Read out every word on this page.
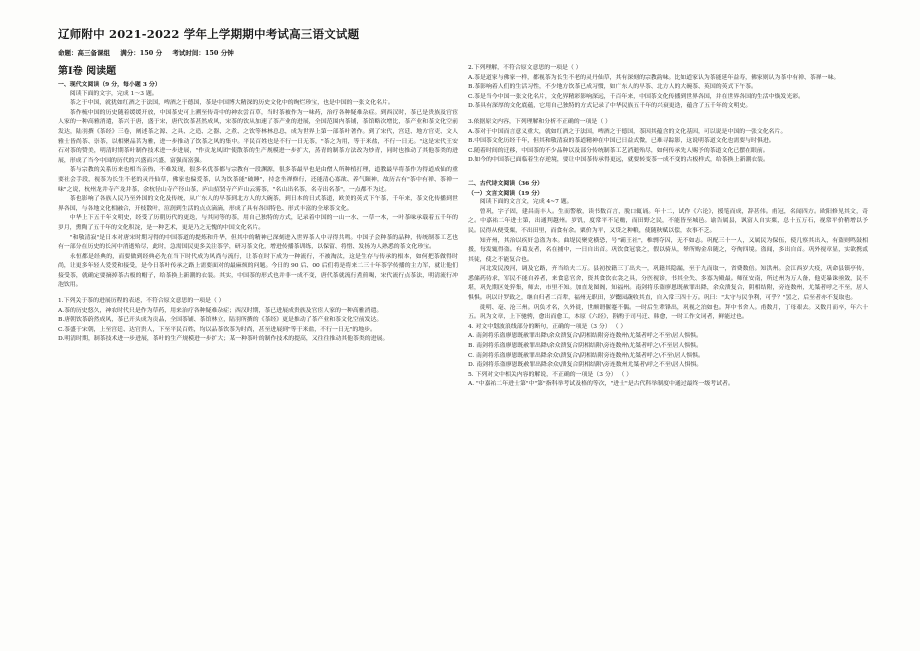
辽师附中 2021-2022 学年上学期期中考试高三语文试题
命题：高三备课组 满分：150 分 考试时间：150 分钟
第Ⅰ卷 阅读题
一、现代文阅读（9 分，每小题 3 分）

阅读下面的文字，完成 1～3 题。

茶之于中国，就犹如红酒之于法国，啤酒之于德国，茶是中国博大精深的历史文化中的绚烂珍宝，也是中国的一张文化名片。

茶作梳中国的历史随着缓缓开放，中国茶史可上溯至传奇中的神农尝百草，当时茶被作为一味药，治疗各种疑难杂症。到西汉时，茶已是贵族及官宦人家的一种高雅消遣，茶兴于唐，盛于宋，唐代饮茶甚然成风，宋茶的饮从加速了茶产业的进展，全国范围内茶铺，茶馆略次增比，茶产业和茶文化空前发达，陆羽撰《茶经》三卷，阐述茶之源、之具、之造、之器、之煮、之饮等林林总总，成为世界上第一部茶叶著作。到了宋代，宫廷、地方官吏、文人雅士皆尚茶、崇茶，以相聚品茗为雅，进一步推动了饮茶之风的集中。平民百姓也是不行一日无茶，"茶之为用，等于米盐，不行一日无。"这是宋代王安石对茶的赞美，明清时期茶叶制作技术进一步进展，"作贡龙凤团"使散茶的生产规模进一步扩大，蒸青的制茶方法改为炒青，同时也推动了其他茶类的进展，形成了当今中国的历代的兴盛而兴盛，富强而富强。

茶与宗教的关系历来也相当亲热，不难发现，很多名优茶都与宗教有一段渊源，很多茶最早也是由僧人所种植打理，道教最早将茶作为得道成仙的重要社会手段，视茶为长生不老的灵丹仙草，佛家也偏爱茶，认为饮茶能"破睡"，持念坐禅修行，还能清心寡欲、养气颐神，故历古有"茶中有禅、茶禅一味"之说，杭州龙井寺产龙井茶，余杭径山寺产径山茶，庐山招贤寺产庐山云雾茶，"名山出名茶，名寺出名茶"，一点都不为过。

茶也影响了各族人民乃至外国的文化及传统，从广东人的早茶到北方人的大碗茶，到日本的日式茶道，欧美的英式下午茶，千年来，茶文化传播到世界各国，与各地文化相融合，开枝散叶，渲润到生活的点点滴滴，形成了具有各国特色、形式丰富的全球茶文化。

中华上下五千年文明史，经受了历朝历代的更迭，与其同等的茶，用自己独特的方式，记录着中国的一山一水、一草一木，一叶茶味承载着五千年的岁月，熏陶了五千年的文化积淀，是一种艺术，更是乃之无愧的中国文化名片。

"和敬清寂"是日本对唐宋时期习得的中国茶道的提炼和升华，但其中的精神已深刻进入世界茶人中寻得共鸣。中国子会种茶的品种，传统制茶工艺也有一部分在历史的长河中消逝殆尽，此时，急需国民更多关注茶学，研习茶文化，增进传播茶训练，以保留、将惜、发扬为人熟悉的茶文化珍宝。

永恒都是经典的，而要做到经典必先在当下时代成为风尚与流行，让茶在时下成为一种流行，不被淘汰，这是生存与传承的根本，如何把茶做得时尚，让更多年轻人爱爱和接受，是今日茶叶传承之路上需要面对的最麻烦的问题。今日的 90 后、00 后们将是将来二三十年茶学传播的主力军，就让他们接受茶，就确定要摘掉茶古板的帽子，给茶换上新潮的衣装。其实，中国茶的形式也并非一成不变，唐代茶就流行煮煎喝，宋代流行点茶法，明清流行冲泡饮用。

1.下列关于茶的进展历程的表述，不符合原文意思的一项是（ ）

A.茶的历史悠久，神农时代只是作为草药，用来治疗各种疑难杂症；西汉时期，茶已进展成贵族及官宦人家的一种高雅消遣。

B.唐朝饮茶蔚然成风，茶已开头成为贡品，全国茶铺、茶馆林立，陆羽所撰的《茶经》更是推动了茶产业和茶文化空前发达。

C.茶盛于宋朝，上至宫廷、达官贵人，下至平民百姓，均以品茶饮茶为时尚，甚至进展到"等于米盐，不行一日无"的地步。

D.明清时期，制茶技术进一步进展，茶叶的生产规模进一步扩大；某一种茶叶的制作技术的提高，又往往推动其他茶类的进展。

2.下列理解，不符合原文意思的一项是（ ）

A.茶是道家与佛家一样，都视茶为长生不老的灵丹仙草，其有深刻的宗教韵味。比如道家认为茶能延年益寿，佛家则认为茶中有禅、茶禅一味。

B.茶影响着人们的生活习性，不少地方饮茶已成习惯，如广东人的早茶、北方人的大碗茶、英国的英式下午茶。

C.茶是当今中国一张文化名片，文化界精彩影响深远，千百年来，中国茶文化传播到世界各国，并在世界各国的生活中焕发光彩。

D.茶具有深厚的文化底蕴，它用自己独特的方式记录了中华民族五千年的兴衰更迭，蕴含了五千年的文明史。

3.依据原文内容，下列理解和分析不正确的一项是（ ）

A.茶对于中国而言意义重大，就如红酒之于法国，啤酒之于德国，茶因其蕴含的文化基因，可以说是中国的一张文化名片。

B.中国茶文化历经千年，但其和敬清寂的茶道精神在中国已日益式微，已难寻踪影，这说明茶道文化也需要与时俱进。

C.随着时间的迁移，中国茶的不少品种以及部分传统制茶工艺消逝殆尽，如何传承先人赐予的茶道文化已摆在眼前。

D.如今的中国茶已面临着生存逆境，要让中国茶传承得更远，就要转变茶一成不变的古板样式，给茶换上新潮衣装。

二、古代诗文阅读（36 分）
（一）文言文阅读（19 分）

阅读下面的文言文，完成 4~7 题。

曾巩，字子固，建昌南丰人。生而警敏，读书数百言，脱口辄诵。年十二，试作《六论》，援笔而成，辞甚伟。甫冠，名闻四方。欧阳修见其文，奇之。中嘉祐二年进士第，出通判越州。岁饥，度常平不足赡，而田野之民，不能皆至城邑。谕告属县，讽富人自实粟，总十五万石，视常平价稍增以予民。民得从便受粟，不出田里，而食有余。粟价为平，又贷之种粮，使随秋赋以偿，农事不乏。

知齐州，其治以疾奸急盗为本。曲堤民聚党横恐，号"霸王社"，椎剽夺囚，无不如志。巩配三十一人，又属民为保伍，使几察其出入，有盗则鸣鼓相援，每发辄得盗。有葛友者，名在捕中，一日自出首。巩饮食冠裳之，假以骑从，辇所购金帛随之，夸徇四境。盗闻，多出自首。巩外视章显，实欲携贰其徒，使之不能复合也。

河北发民浚河，调及它路，齐当给夫二万。县初按籍三丁出夫一，巩籍其隐漏，至于九而取一，省费数倍。知洪州。会江西岁大疫，巩命县镇亭传，悉储药待求，军民不能自养者，来食息官舍，资其食饮衣衾之具，分医视诊，书其全失、多寡为殿最。师征安南，所过州为万人备，他吏暴诛亟敛，民不堪，巩先期区处猝集，师去，市里不知。加直龙图阁，知福州。南剑将乐盗廖恩既赦罪出降，余众溃复合，阴相结附，旁连数州，尤桀者呼之不至，居人惧惧。巩以计罗致之，继自归者二百辈，福州无职田，岁鬻园蔬收其直，自入常三四十万。巩曰："太守与民争利，可乎？"罢之，后至者亦不复取也。

徙明、亳、沧三州。巩负才名，久外徙，世颇谓偃蹇不偶。一时后生辈锋出，巩视之泊如也。拜中书舍人。甫数月，丁母艰去。又数月而卒，年六十五。巩为文章，上下驰骋，愈出而愈工，本原《六经》，斟酌于司马迁、韩愈，一时工作文词者，鲜能过也。

4. 对文中划波浪线部分的断句，正确的一项是（3 分） （ ）

A. 南剑将乐盗廖恩既赦罪出降\余众溃复合\阴相结附旁连数州\尤桀者呼之不至\居人惧惧。

B. 南剑将乐盗廖恩既赦罪出降\余众溃复合阴相结附\旁连数州\尤桀者呼之\不至居人惧惧。

C. 南剑将乐盗廖恩既赦罪出降余众\溃复合\阴相结附旁连数州\尤桀者呼之\不至\居人惧惧。

D. 南剑将乐盗廖恩既赦罪出降余众\溃复合阴相结附\旁连数州尤桀者\呼之不至\居人惧惧。

5. 下列对文中相关内容的解说，不正确的一项是（3 分） （ ）

A. "中嘉祐二年进士第"中"第"指科举考试及格的等次，"进士"是古代科举制度中通过最终一级考试者。
